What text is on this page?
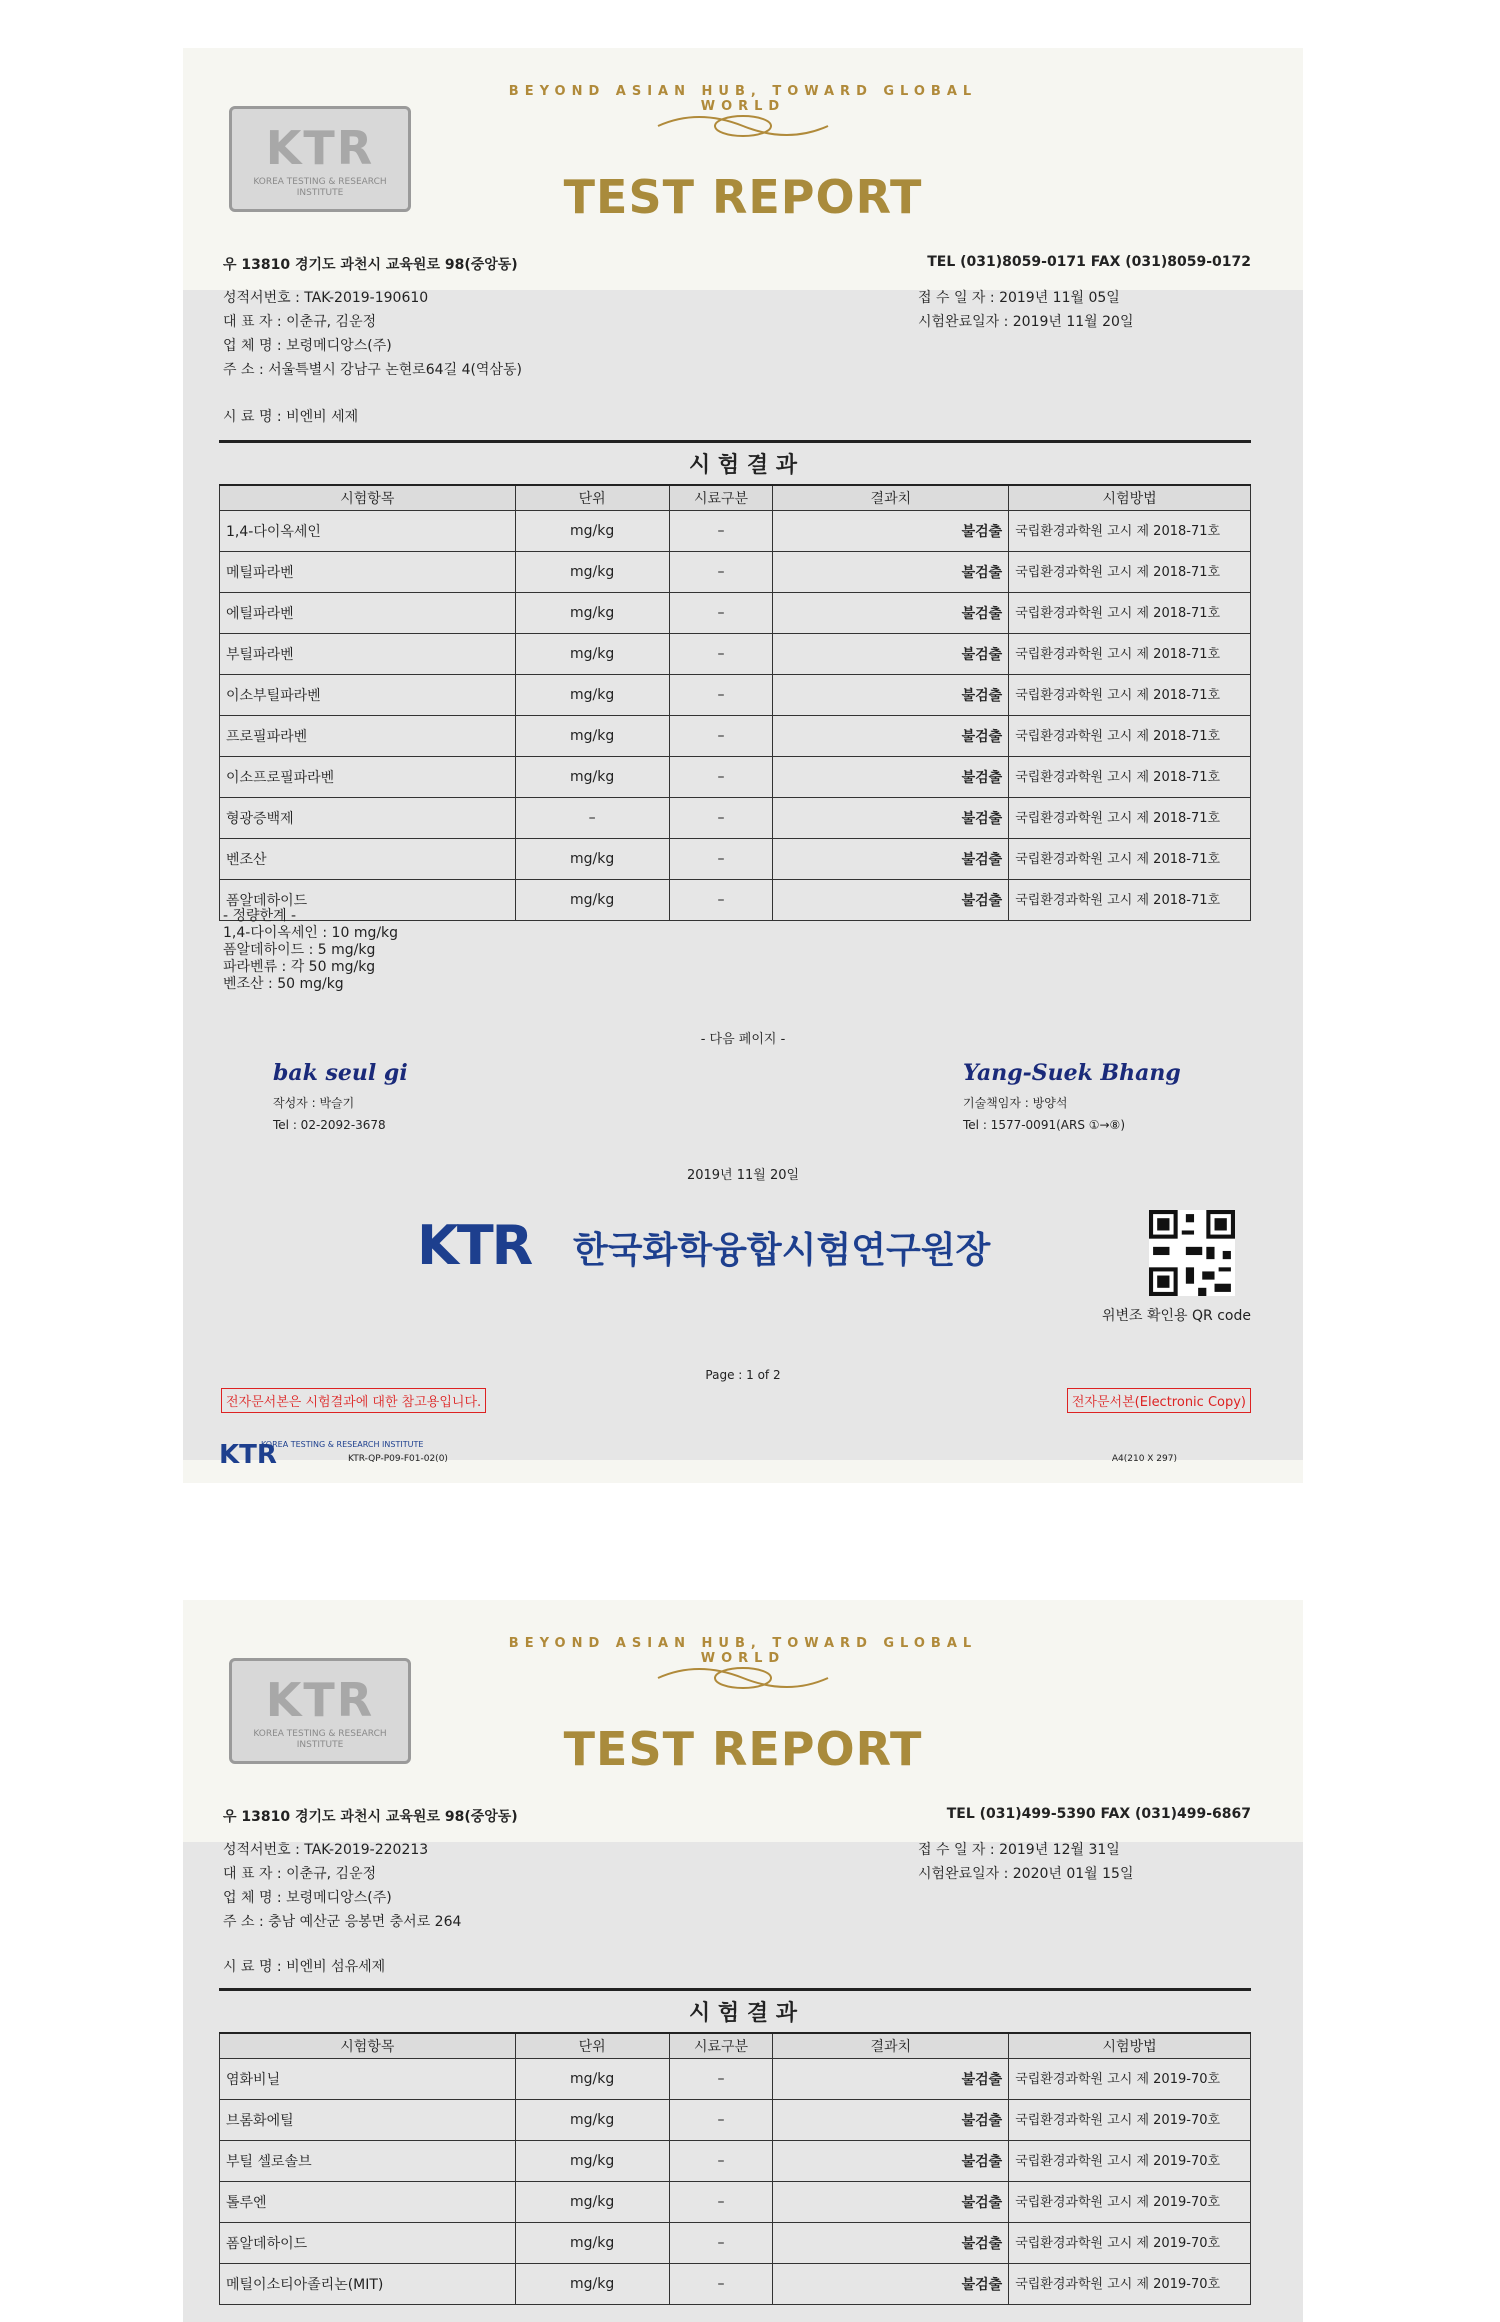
KTR
KOREA TESTING & RESEARCH INSTITUTE
BEYOND ASIAN HUB, TOWARD GLOBAL WORLD
TEST REPORT
우 13810 경기도 과천시 교육원로 98(중앙동)	TEL (031)8059-0171 FAX (031)8059-0172
성적서번호 : TAK-2019-190610
대 표 자 : 이춘규, 김운정
업 체 명 : 보령메디앙스(주)
주 소 : 서울특별시 강남구 논현로64길 4(역삼동)
접 수 일 자 : 2019년 11월 05일
시험완료일자 : 2019년 11월 20일
시 료 명 : 비엔비 세제
시 험 결 과
시험항목	단위	시료구분	결과치	시험방법
1,4-다이옥세인	mg/kg	–	불검출	국립환경과학원 고시 제 2018-71호
메틸파라벤	mg/kg	–	불검출	국립환경과학원 고시 제 2018-71호
에틸파라벤	mg/kg	–	불검출	국립환경과학원 고시 제 2018-71호
부틸파라벤	mg/kg	–	불검출	국립환경과학원 고시 제 2018-71호
이소부틸파라벤	mg/kg	–	불검출	국립환경과학원 고시 제 2018-71호
프로필파라벤	mg/kg	–	불검출	국립환경과학원 고시 제 2018-71호
이소프로필파라벤	mg/kg	–	불검출	국립환경과학원 고시 제 2018-71호
형광증백제	–	–	불검출	국립환경과학원 고시 제 2018-71호
벤조산	mg/kg	–	불검출	국립환경과학원 고시 제 2018-71호
폼알데하이드	mg/kg	–	불검출	국립환경과학원 고시 제 2018-71호
- 정량한계 -
1,4-다이옥세인 : 10 mg/kg
폼알데하이드 : 5 mg/kg
파라벤류 : 각 50 mg/kg
벤조산 : 50 mg/kg
- 다음 페이지 -
bak seul gi
작성자 : 박슬기
Tel : 02-2092-3678
Yang-Suek Bhang
기술책임자 : 방양석
Tel : 1577-0091(ARS ①→⑧)
2019년 11월 20일
KTR 한국화학융합시험연구원장
위변조 확인용 QR code
Page : 1 of 2
전자문서본은 시험결과에 대한 참고용입니다.	전자문서본(Electronic Copy)
KTR
KOREA TESTING & RESEARCH INSTITUTE
KTR-QP-P09-F01-02(0)	A4(210 X 297)
KTR
KOREA TESTING & RESEARCH INSTITUTE
BEYOND ASIAN HUB, TOWARD GLOBAL WORLD
TEST REPORT
우 13810 경기도 과천시 교육원로 98(중앙동)	TEL (031)499-5390 FAX (031)499-6867
성적서번호 : TAK-2019-220213
대 표 자 : 이춘규, 김운정
업 체 명 : 보령메디앙스(주)
주 소 : 충남 예산군 응봉면 충서로 264
접 수 일 자 : 2019년 12월 31일
시험완료일자 : 2020년 01월 15일
시 료 명 : 비엔비 섬유세제
시 험 결 과
시험항목	단위	시료구분	결과치	시험방법
염화비닐	mg/kg	–	불검출	국립환경과학원 고시 제 2019-70호
브롬화에틸	mg/kg	–	불검출	국립환경과학원 고시 제 2019-70호
부틸 셀로솔브	mg/kg	–	불검출	국립환경과학원 고시 제 2019-70호
톨루엔	mg/kg	–	불검출	국립환경과학원 고시 제 2019-70호
폼알데하이드	mg/kg	–	불검출	국립환경과학원 고시 제 2019-70호
메틸이소티아졸리논(MIT)	mg/kg	–	불검출	국립환경과학원 고시 제 2019-70호
